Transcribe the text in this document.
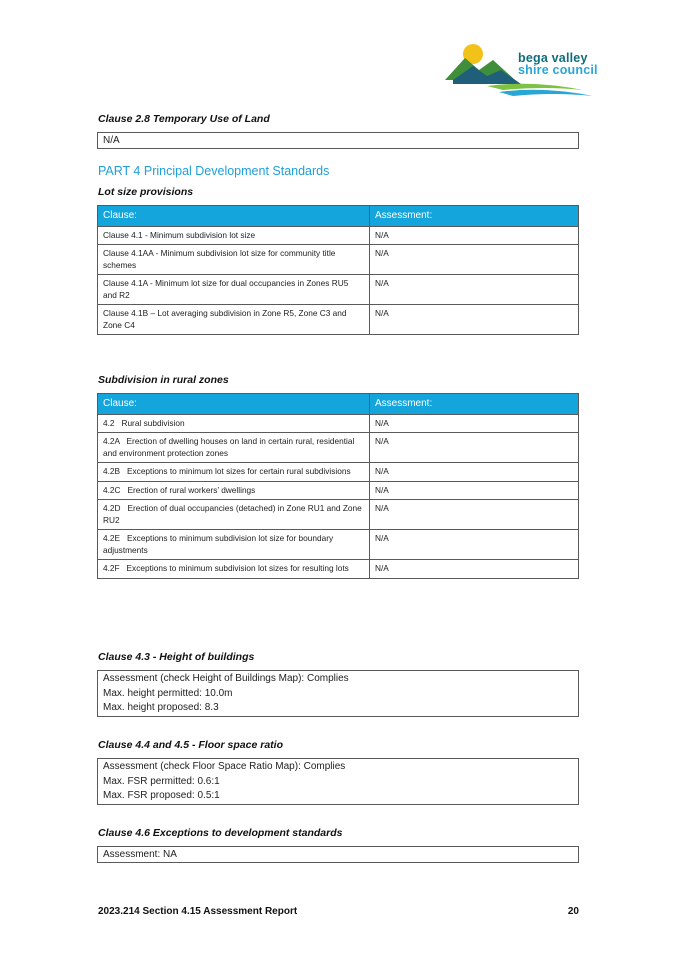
bega valley
shire council
Clause 2.8 Temporary Use of Land
N/A
PART 4 Principal Development Standards
Lot size provisions
Clause:	Assessment:
Clause 4.1 - Minimum subdivision lot size	N/A
Clause 4.1AA - Minimum subdivision lot size for community title schemes	N/A
Clause 4.1A - Minimum lot size for dual occupancies in Zones RU5 and R2	N/A
Clause 4.1B – Lot averaging subdivision in Zone R5, Zone C3 and Zone C4	N/A
Subdivision in rural zones
Clause:	Assessment:
4.2   Rural subdivision	N/A
4.2A   Erection of dwelling houses on land in certain rural, residential and environment protection zones	N/A
4.2B   Exceptions to minimum lot sizes for certain rural subdivisions	N/A
4.2C   Erection of rural workers’ dwellings	N/A
4.2D   Erection of dual occupancies (detached) in Zone RU1 and Zone RU2	N/A
4.2E   Exceptions to minimum subdivision lot size for boundary adjustments	N/A
4.2F   Exceptions to minimum subdivision lot sizes for resulting lots	N/A
Clause 4.3 - Height of buildings
Assessment (check Height of Buildings Map): Complies
Max. height permitted: 10.0m
Max. height proposed: 8.3
Clause 4.4 and 4.5 - Floor space ratio
Assessment (check Floor Space Ratio Map): Complies
Max. FSR permitted: 0.6:1
Max. FSR proposed: 0.5:1
Clause 4.6 Exceptions to development standards
Assessment: NA
2023.214 Section 4.15 Assessment Report	20
